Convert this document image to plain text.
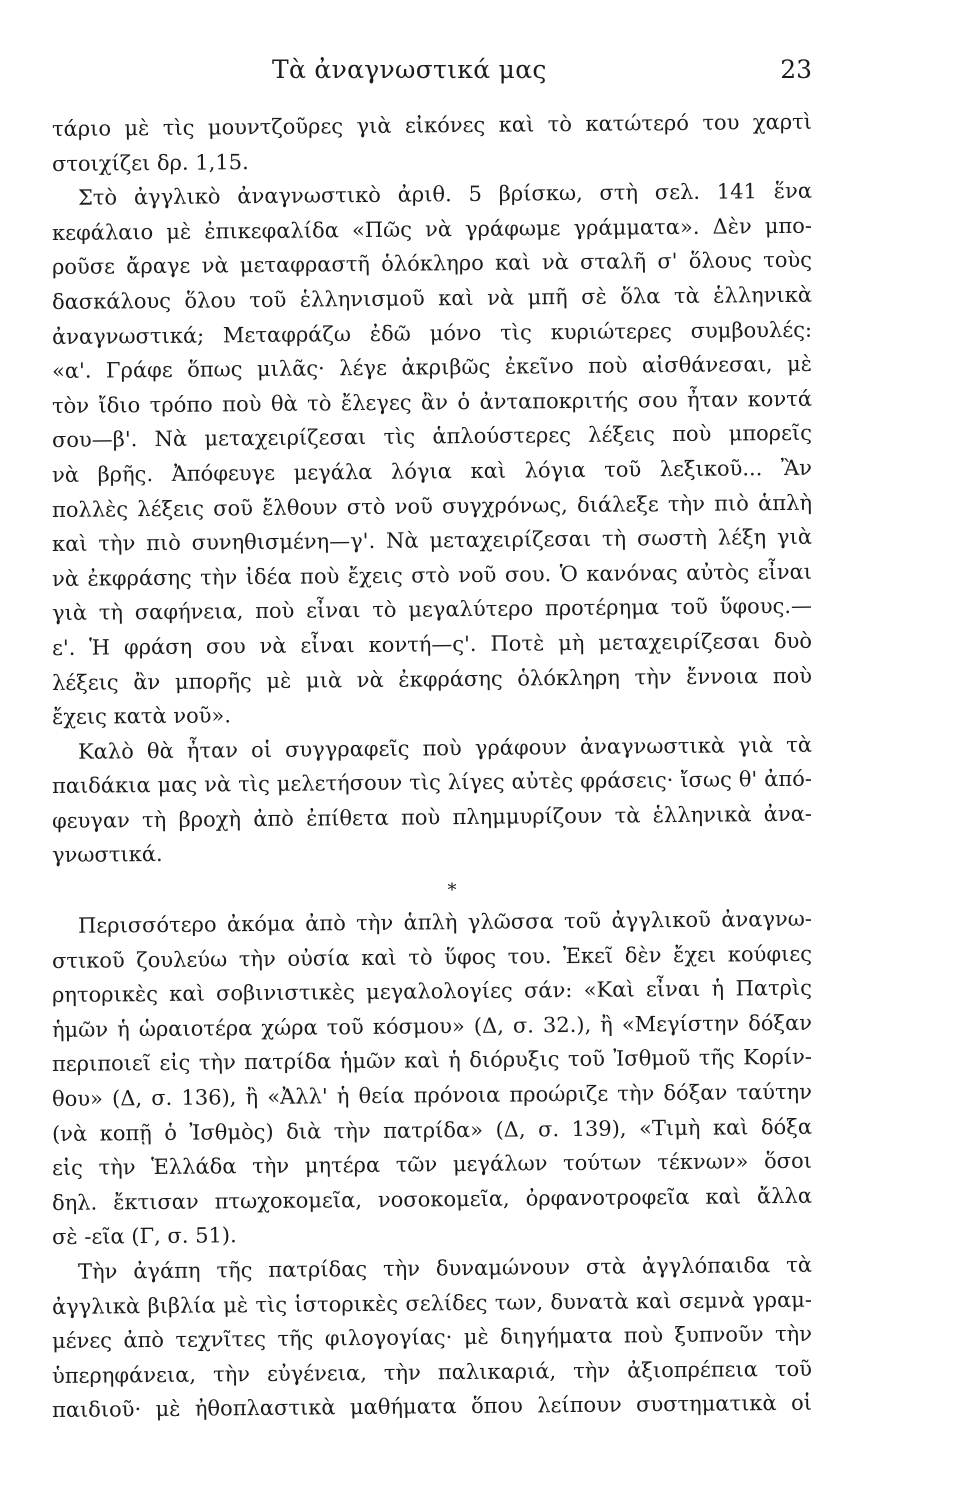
Τὰ ἀναγνωστικά μας	23
τάριο μὲ τὶς μουντζοῦρες γιὰ εἰκόνες καὶ τὸ κατώτερό του χαρτὶ
στοιχίζει δρ. 1,15.
Στὸ ἀγγλικὸ ἀναγνωστικὸ ἀριθ. 5 βρίσκω, στὴ σελ. 141 ἕνα
κεφάλαιο μὲ ἐπικεφαλίδα «Πῶς νὰ γράφωμε γράμματα». Δὲν μπο-
ροῦσε ἄραγε νὰ μεταφραστῆ ὁλόκληρο καὶ νὰ σταλῆ σ' ὅλους τοὺς
δασκάλους ὅλου τοῦ ἑλληνισμοῦ καὶ νὰ μπῆ σὲ ὅλα τὰ ἑλληνικὰ
ἀναγνωστικά; Μεταφράζω ἐδῶ μόνο τὶς κυριώτερες συμβουλές:
«α'. Γράφε ὅπως μιλᾶς· λέγε ἀκριβῶς ἐκεῖνο ποὺ αἰσθάνεσαι, μὲ
τὸν ἴδιο τρόπο ποὺ θὰ τὸ ἔλεγες ἂν ὁ ἀνταποκριτής σου ἦταν κοντά
σου—β'. Νὰ μεταχειρίζεσαι τὶς ἁπλούστερες λέξεις ποὺ μπορεῖς
νὰ βρῆς. Ἀπόφευγε μεγάλα λόγια καὶ λόγια τοῦ λεξικοῦ... Ἂν
πολλὲς λέξεις σοῦ ἔλθουν στὸ νοῦ συγχρόνως, διάλεξε τὴν πιὸ ἁπλὴ
καὶ τὴν πιὸ συνηθισμένη—γ'. Νὰ μεταχειρίζεσαι τὴ σωστὴ λέξη γιὰ
νὰ ἐκφράσης τὴν ἰδέα ποὺ ἔχεις στὸ νοῦ σου. Ὁ κανόνας αὐτὸς εἶναι
γιὰ τὴ σαφήνεια, ποὺ εἶναι τὸ μεγαλύτερο προτέρημα τοῦ ὕφους.—
ε'. Ἡ φράση σου νὰ εἶναι κοντή—ς'. Ποτὲ μὴ μεταχειρίζεσαι δυὸ
λέξεις ἂν μπορῆς μὲ μιὰ νὰ ἐκφράσης ὁλόκληρη τὴν ἔννοια ποὺ
ἔχεις κατὰ νοῦ».
Καλὸ θὰ ἦταν οἱ συγγραφεῖς ποὺ γράφουν ἀναγνωστικὰ γιὰ τὰ
παιδάκια μας νὰ τὶς μελετήσουν τὶς λίγες αὐτὲς φράσεις· ἴσως θ' ἀπό-
φευγαν τὴ βροχὴ ἀπὸ ἐπίθετα ποὺ πλημμυρίζουν τὰ ἑλληνικὰ ἀνα-
γνωστικά.
*
Περισσότερο ἀκόμα ἀπὸ τὴν ἁπλὴ γλῶσσα τοῦ ἀγγλικοῦ ἀναγνω-
στικοῦ ζουλεύω τὴν οὐσία καὶ τὸ ὕφος του. Ἐκεῖ δὲν ἔχει κούφιες
ρητορικὲς καὶ σοβινιστικὲς μεγαλολογίες σάν: «Καὶ εἶναι ἡ Πατρὶς
ἡμῶν ἡ ὡραιοτέρα χώρα τοῦ κόσμου» (Δ, σ. 32.), ἢ «Μεγίστην δόξαν
περιποιεῖ εἰς τὴν πατρίδα ἡμῶν καὶ ἡ διόρυξις τοῦ Ἰσθμοῦ τῆς Κορίν-
θου» (Δ, σ. 136), ἢ «Ἀλλ' ἡ θεία πρόνοια προώριζε τὴν δόξαν ταύτην
(νὰ κοπῇ ὁ Ἰσθμὸς) διὰ τὴν πατρίδα» (Δ, σ. 139), «Τιμὴ καὶ δόξα
εἰς τὴν Ἑλλάδα τὴν μητέρα τῶν μεγάλων τούτων τέκνων» ὅσοι
δηλ. ἔκτισαν πτωχοκομεῖα, νοσοκομεῖα, ὀρφανοτροφεῖα καὶ ἄλλα
σὲ -εῖα (Γ, σ. 51).
Τὴν ἀγάπη τῆς πατρίδας τὴν δυναμώνουν στὰ ἀγγλόπαιδα τὰ
ἀγγλικὰ βιβλία μὲ τὶς ἱστορικὲς σελίδες των, δυνατὰ καὶ σεμνὰ γραμ-
μένες ἀπὸ τεχνῖτες τῆς φιλογογίας· μὲ διηγήματα ποὺ ξυπνοῦν τὴν
ὑπερηφάνεια, τὴν εὐγένεια, τὴν παλικαριά, τὴν ἀξιοπρέπεια τοῦ
παιδιοῦ· μὲ ἠθοπλαστικὰ μαθήματα ὅπου λείπουν συστηματικὰ οἱ
